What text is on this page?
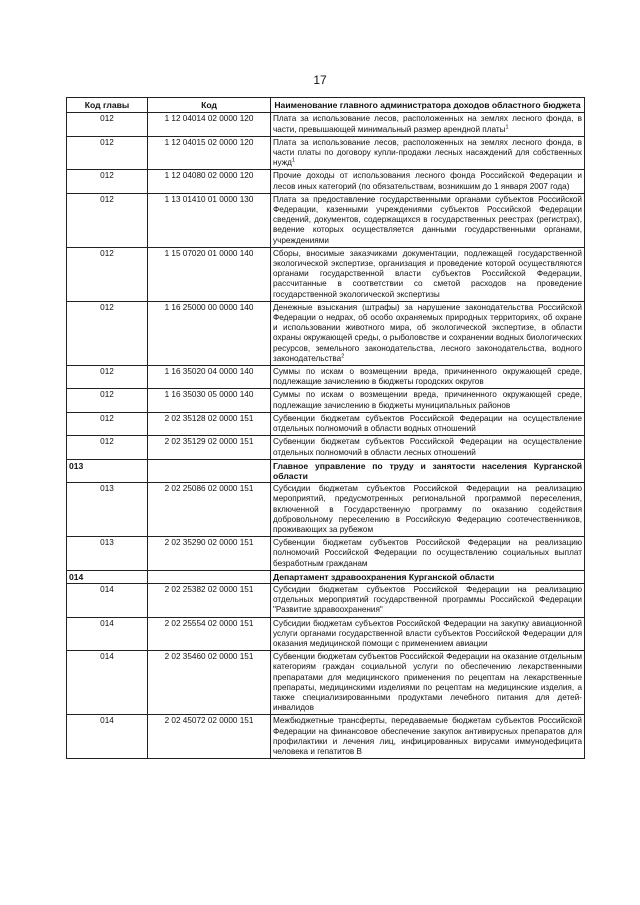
17
Код главы	Код	Наименование главного администратора доходов областного бюджета
012	1 12 04014 02 0000 120	Плата за использование лесов, расположенных на землях лесного фонда, в части, превышающей минимальный размер арендной платы$^1$
012	1 12 04015 02 0000 120	Плата за использование лесов, расположенных на землях лесного фонда, в части платы по договору купли-продажи лесных насаждений для собственных нужд$^1$
012	1 12 04080 02 0000 120	Прочие доходы от использования лесного фонда Российской Федерации и лесов иных категорий (по обязательствам, возникшим до 1 января 2007 года)
012	1 13 01410 01 0000 130	Плата за предоставление государственными органами субъектов Российской Федерации, казенными учреждениями субъектов Российской Федерации сведений, документов, содержащихся в государственных реестрах (регистрах), ведение которых осуществляется данными государственными органами, учреждениями
012	1 15 07020 01 0000 140	Сборы, вносимые заказчиками документации, подлежащей государственной экологической экспертизе, организация и проведение которой осуществляются органами государственной власти субъектов Российской Федерации, рассчитанные в соответствии со сметой расходов на проведение государственной экологической экспертизы
012	1 16 25000 00 0000 140	Денежные взыскания (штрафы) за нарушение законодательства Российской Федерации о недрах, об особо охраняемых природных территориях, об охране и использовании животного мира, об экологической экспертизе, в области охраны окружающей среды, о рыболовстве и сохранении водных биологических ресурсов, земельного законодательства, лесного законодательства, водного законодательства$^2$
012	1 16 35020 04 0000 140	Суммы по искам о возмещении вреда, причиненного окружающей среде, подлежащие зачислению в бюджеты городских округов
012	1 16 35030 05 0000 140	Суммы по искам о возмещении вреда, причиненного окружающей среде, подлежащие зачислению в бюджеты муниципальных районов
012	2 02 35128 02 0000 151	Субвенции бюджетам субъектов Российской Федерации на осуществление отдельных полномочий в области водных отношений
012	2 02 35129 02 0000 151	Субвенции бюджетам субъектов Российской Федерации на осуществление отдельных полномочий в области лесных отношений
013		Главное управление по труду и занятости населения Курганской области
013	2 02 25086 02 0000 151	Субсидии бюджетам субъектов Российской Федерации на реализацию мероприятий, предусмотренных региональной программой переселения, включенной в Государственную программу по оказанию содействия добровольному переселению в Российскую Федерацию соотечественников, проживающих за рубежом
013	2 02 35290 02 0000 151	Субвенции бюджетам субъектов Российской Федерации на реализацию полномочий Российской Федерации по осуществлению социальных выплат безработным гражданам
014		Департамент здравоохранения Курганской области
014	2 02 25382 02 0000 151	Субсидии бюджетам субъектов Российской Федерации на реализацию отдельных мероприятий государственной программы Российской Федерации "Развитие здравоохранения"
014	2 02 25554 02 0000 151	Субсидии бюджетам субъектов Российской Федерации на закупку авиационной услуги органами государственной власти субъектов Российской Федерации для оказания медицинской помощи с применением авиации
014	2 02 35460 02 0000 151	Субвенции бюджетам субъектов Российской Федерации на оказание отдельным категориям граждан социальной услуги по обеспечению лекарственными препаратами для медицинского применения по рецептам на лекарственные препараты, медицинскими изделиями по рецептам на медицинские изделия, а также специализированными продуктами лечебного питания для детей-инвалидов
014	2 02 45072 02 0000 151	Межбюджетные трансферты, передаваемые бюджетам субъектов Российской Федерации на финансовое обеспечение закупок антивирусных препаратов для профилактики и лечения лиц, инфицированных вирусами иммунодефицита человека и гепатитов В
